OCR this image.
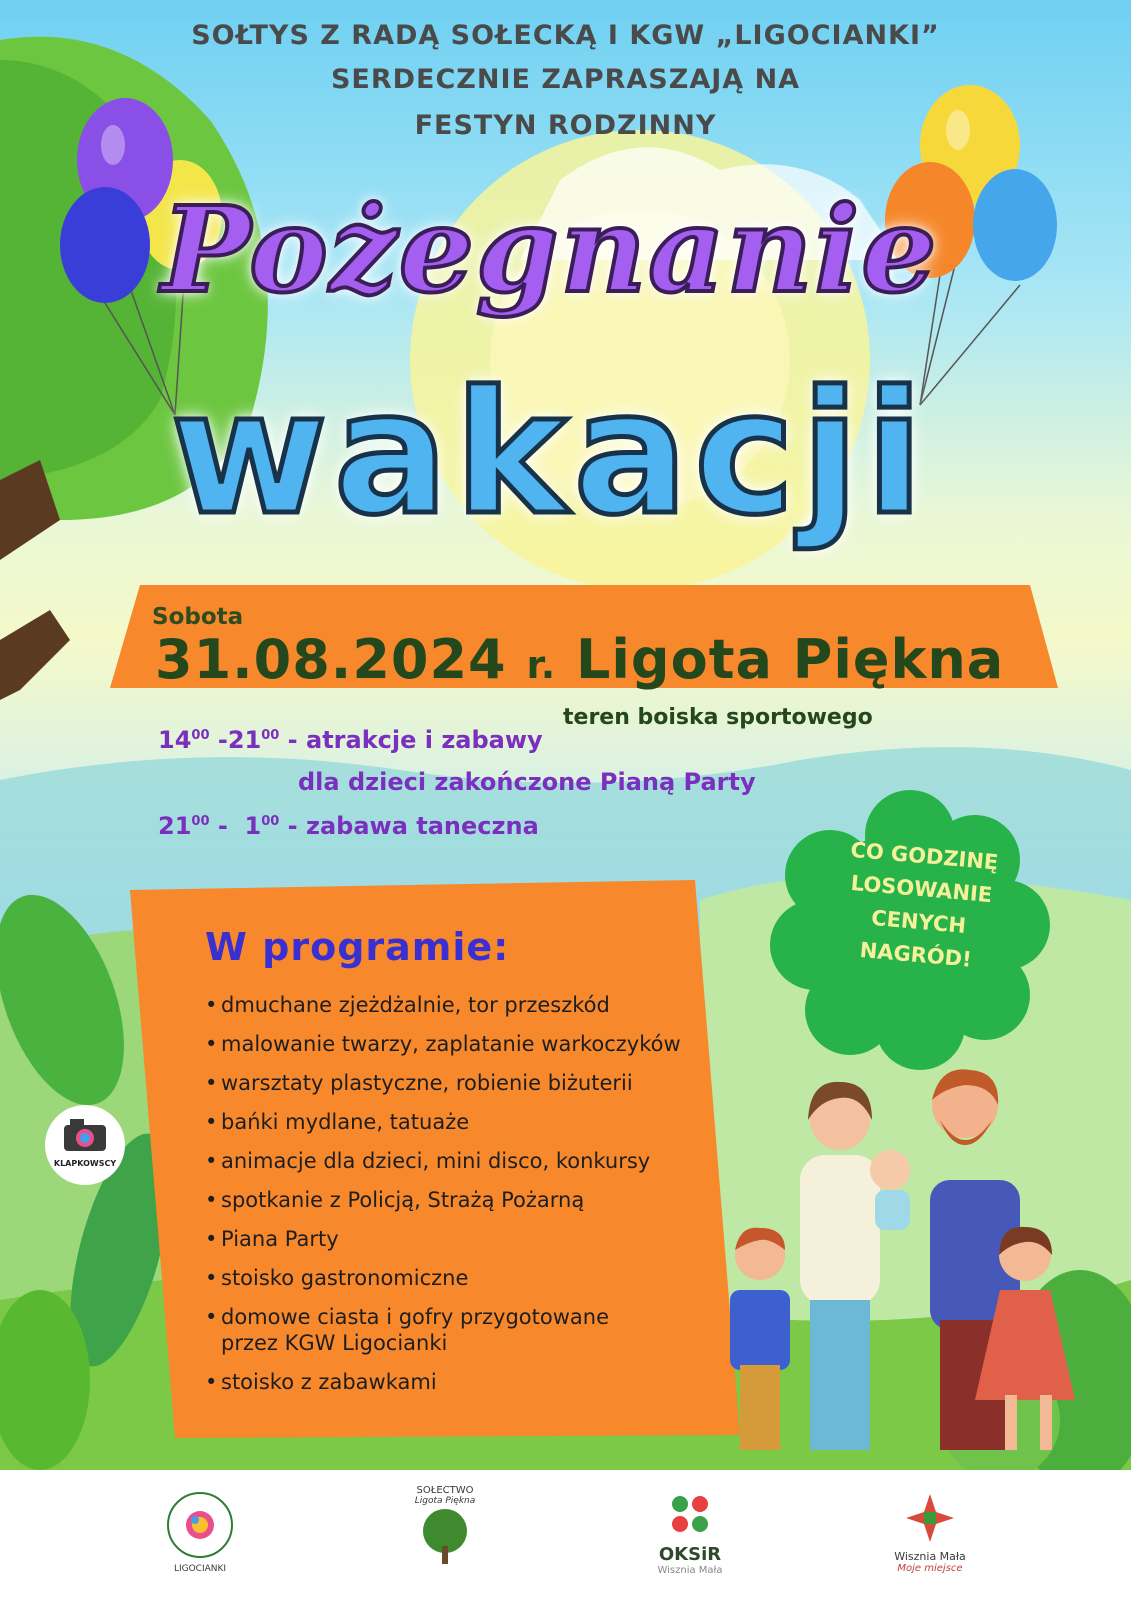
SOŁTYS Z RADĄ SOŁECKĄ I KGW „LIGOCIANKI”
SERDECZNIE ZAPRASZAJĄ NA
FESTYN RODZINNY
Pożegnanie
wakacji
Sobota
31.08.2024 r. Ligota Piękna
teren boiska sportowego
$14^{00}$ $-21^{00}$ - atrakcje i zabawy
dla dzieci zakończone Pianą Party
$21^{00} - 1^{00}$ - zabawa taneczna
CO GODZINĘ
LOSOWANIE
CENYCH
NAGRÓD!
W programie:
• dmuchane zjeżdżalnie, tor przeszkód
• malowanie twarzy, zaplatanie warkoczyków
• warsztaty plastyczne, robienie biżuterii
• bańki mydlane, tatuaże
• animacje dla dzieci, mini disco, konkursy
• spotkanie z Policją, Strażą Pożarną
• Piana Party
• stoisko gastronomiczne
• domowe ciasta i gofry przygotowane przez KGW Ligocianki
• stoisko z zabawkami
KLAPKOWSCY
LIGOCIANKI
SOŁECTWO
Ligota Piękna
OKSiR
Wisznia Mała
Wisznia Mała
Moje miejsce
